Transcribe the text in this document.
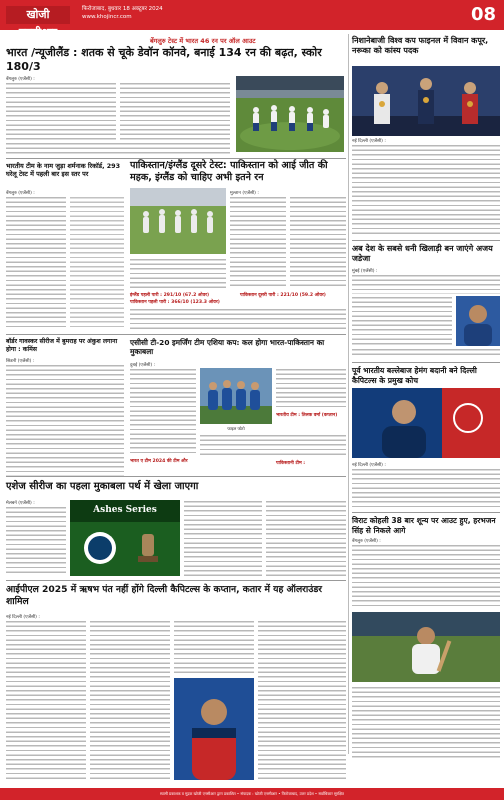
खोजी एनसीआर
फिरोजाबाद, बुधवार 18 अक्टूबर 2024
www.khojincr.com	08
बेंगलुरु टेस्ट में भारत 46 रन पर ऑल आउट
भारत /न्यूजीलैंड : शतक से चूके डेवॉन कॉनवे, बनाई 134 रन की बढ़त, स्कोर 180/3
बेंगलुरु (एजेंसी) :
निशानेबाजी विश्व कप फाइनल में विवान कपूर, नरूका को कांस्य पदक
नई दिल्ली (एजेंसी) :
भारतीय टीम के नाम जुड़ा शर्मनाक रिकॉर्ड, 293 घरेलू टेस्ट में पहली बार इस स्तर पर
बेंगलुरु (एजेंसी) :
पाकिस्तान/इंग्लैंड दूसरे टेस्ट: पाकिस्तान को आई जीत की महक, इंग्लैंड को चाहिए अभी इतने रन
मुल्तान (एजेंसी) :
इंग्लैंड पहली पारी : 291/10 (67.2 ओवर)
पाकिस्तान पहली पारी : 366/10 (123.3 ओवर)
पाकिस्तान दूसरी पारी : 221/10 (59.2 ओवर)
अब देश के सबसे धनी खिलाड़ी बन जाएंगे अजय जडेजा
मुंबई (एजेंसी) :
बॉर्डर गावस्कर सीरीज में बुमराह पर अंकुश लगाना होगा : कमिंस
सिडनी (एजेंसी) :
एसीसी टी-20 इमर्जिंग टीम एशिया कप: कल होगा भारत-पाकिस्तान का मुकाबला
दुबई (एजेंसी) :
भारत ए टीम 2024 की टीम और
फाइल फोटो
भारतीय टीम : तिलक वर्मा (कप्तान)
पाकिस्तानी टीम :
पूर्व भारतीय बल्लेबाज हेमंग बदानी बने दिल्ली कैपिटल्स के प्रमुख कोच
नई दिल्ली (एजेंसी) :
एशेज सीरीज का पहला मुकाबला पर्थ में खेला जाएगा
मेलबर्न (एजेंसी) :
Ashes Series
विराट कोहली 38 बार शून्य पर आउट हुए, हरभजन सिंह से निकले आगे
बेंगलुरु (एजेंसी) :
आईपीएल 2025 में ऋषभ पंत नहीं होंगे दिल्ली कैपिटल्स के कप्तान, कतार में यह ऑलराउंडर शामिल
नई दिल्ली (एजेंसी) :
स्वामी प्रकाशक व मुद्रक खोजी एनसीआर द्वारा प्रकाशित • संपादक : खोजी एनसीआर • फिरोजाबाद, उत्तर प्रदेश • सर्वाधिकार सुरक्षित
